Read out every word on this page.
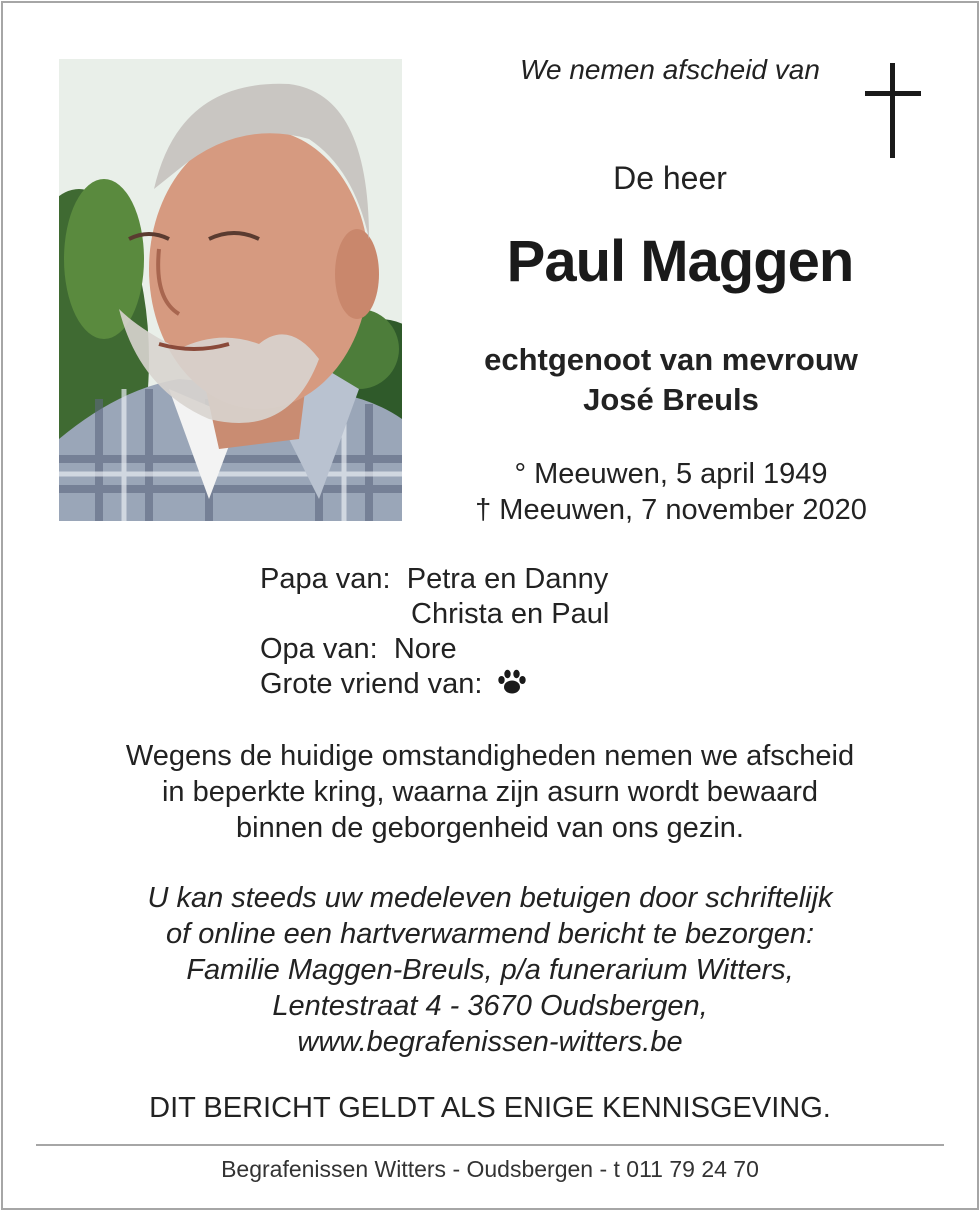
We nemen afscheid van
De heer
Paul Maggen
echtgenoot van mevrouw
José Breuls
° Meeuwen, 5 april 1949
† Meeuwen, 7 november 2020
Papa van: Petra en Danny
Christa en Paul
Opa van: Nore
Grote vriend van:
Wegens de huidige omstandigheden nemen we afscheid
in beperkte kring, waarna zijn asurn wordt bewaard
binnen de geborgenheid van ons gezin.
U kan steeds uw medeleven betuigen door schriftelijk
of online een hartverwarmend bericht te bezorgen:
Familie Maggen-Breuls, p/a funerarium Witters,
Lentestraat 4 - 3670 Oudsbergen,
www.begrafenissen-witters.be
DIT BERICHT GELDT ALS ENIGE KENNISGEVING.
Begrafenissen Witters - Oudsbergen - t 011 79 24 70
